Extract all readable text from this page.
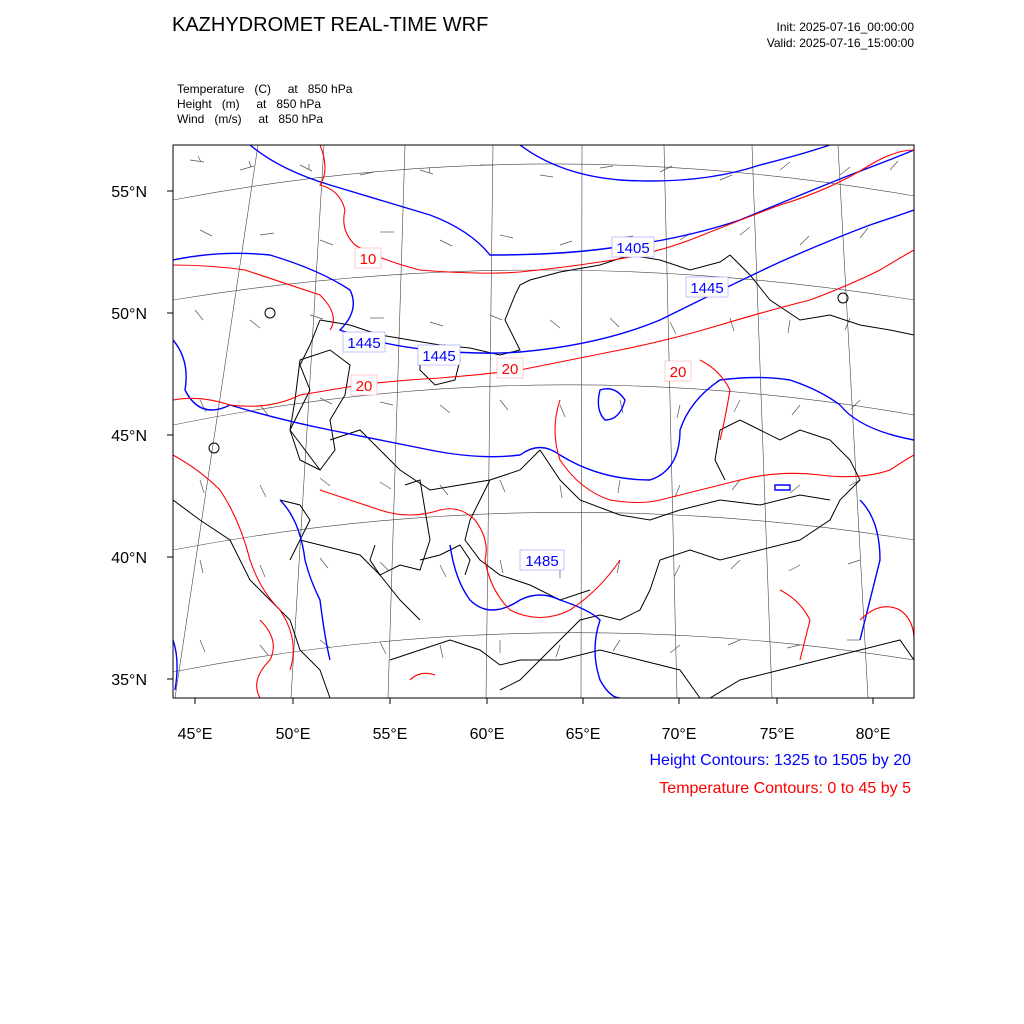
KAZHYDROMET REAL-TIME WRF	Init: 2025-07-16_00:00:00
Valid: 2025-07-16_15:00:00
Temperature   (C)     at   850 hPa
Height   (m)     at   850 hPa
Wind   (m/s)     at   850 hPa
55°N
50°N
45°N
40°N
35°N
45°E	50°E	55°E	60°E	65°E	70°E	75°E	80°E
1405
1445
1445
1445
1485
10
20
20	20
Height Contours: 1325 to 1505 by 20
Temperature Contours: 0 to 45 by 5
